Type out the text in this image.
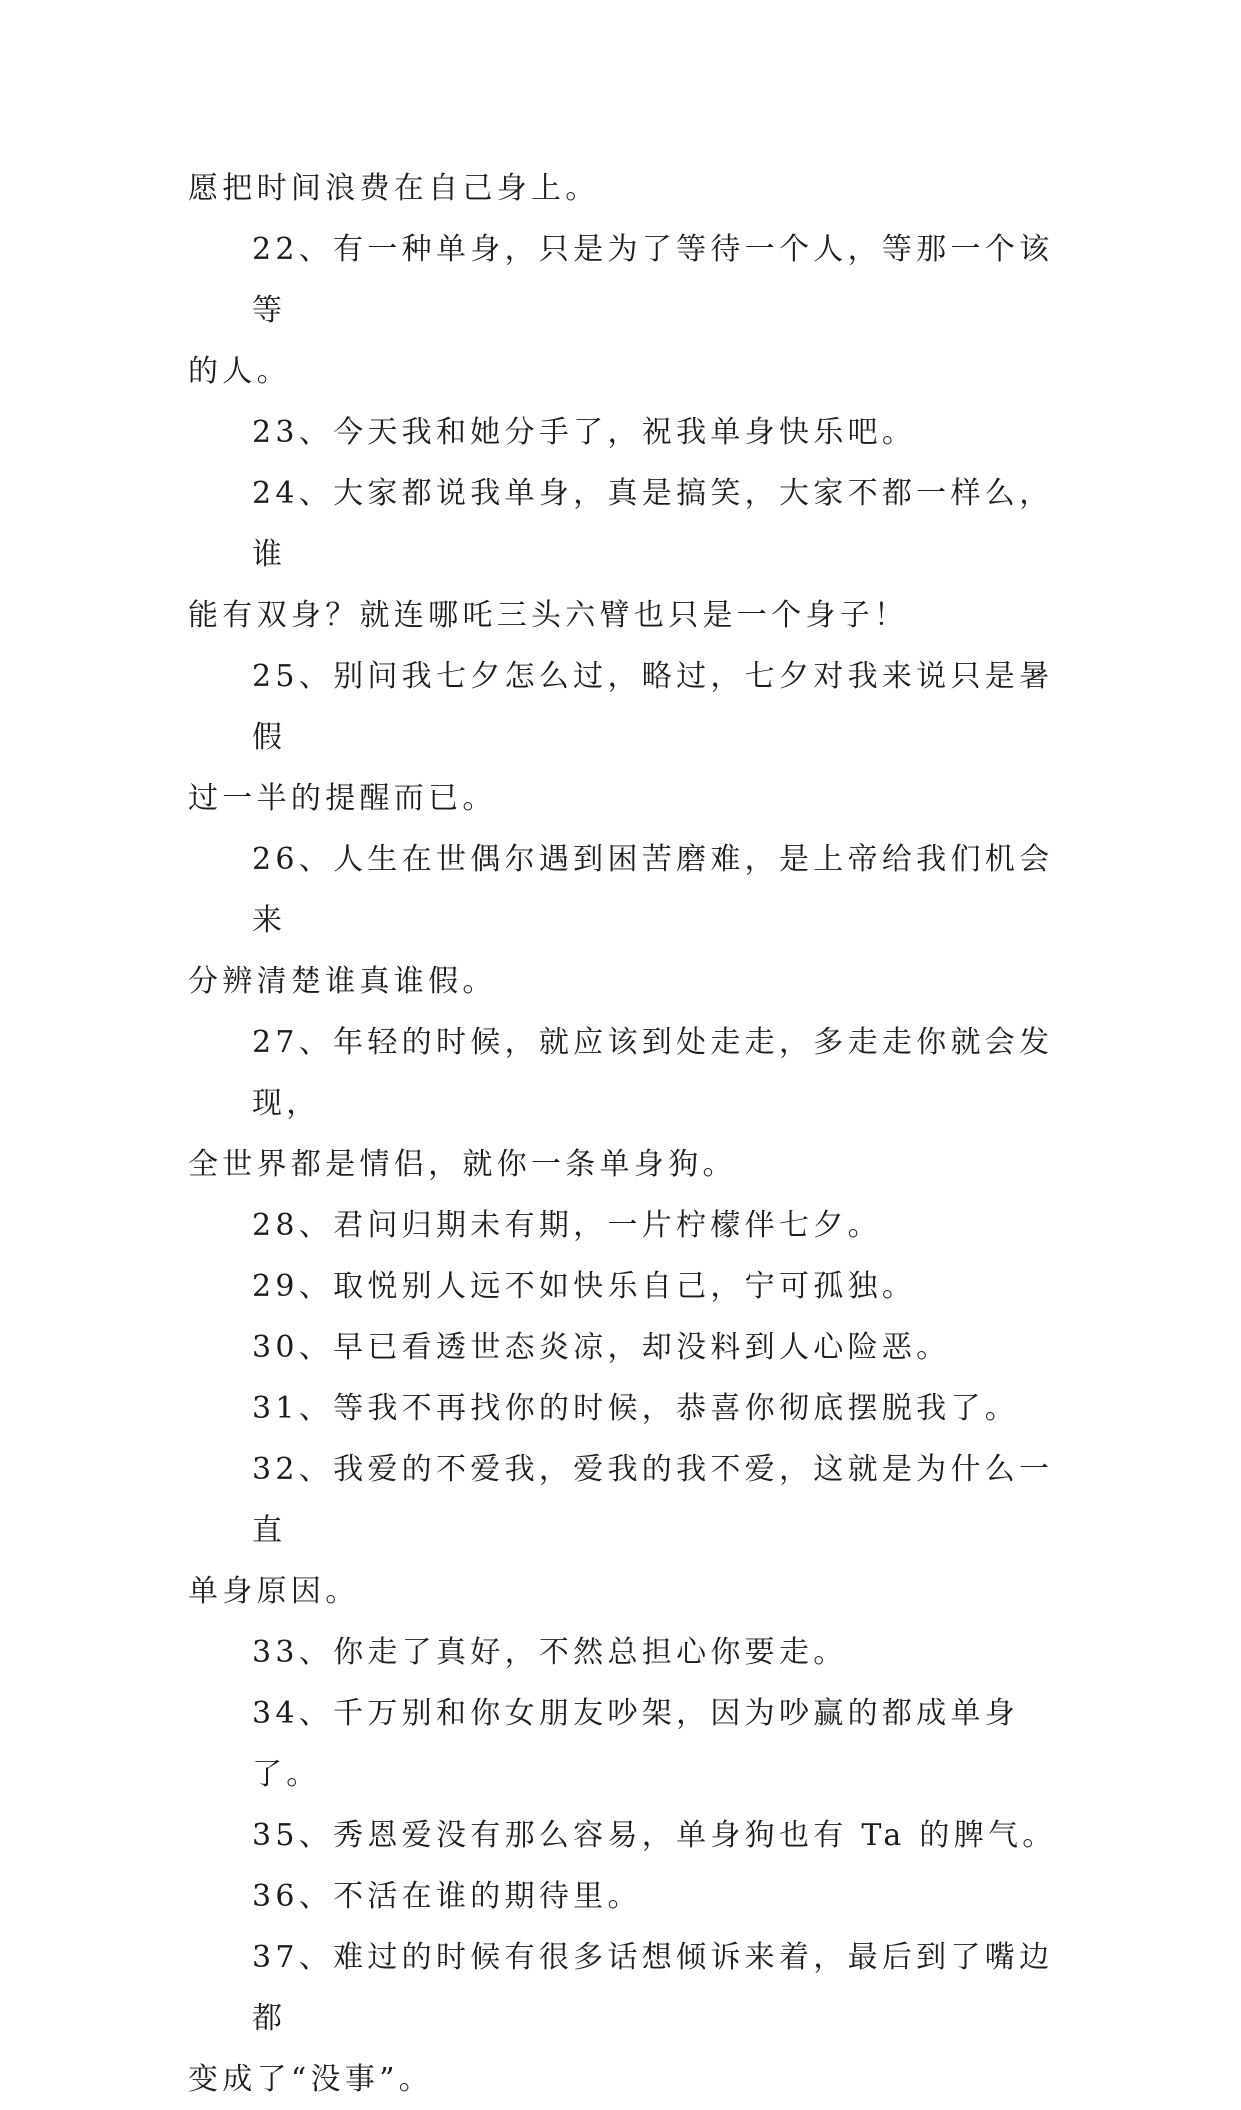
愿把时间浪费在自己身上。

22、有一种单身，只是为了等待一个人，等那一个该等

的人。

23、今天我和她分手了，祝我单身快乐吧。

24、大家都说我单身，真是搞笑，大家不都一样么，谁

能有双身？就连哪吒三头六臂也只是一个身子！

25、别问我七夕怎么过，略过，七夕对我来说只是暑假

过一半的提醒而已。

26、人生在世偶尔遇到困苦磨难，是上帝给我们机会来

分辨清楚谁真谁假。

27、年轻的时候，就应该到处走走，多走走你就会发现，

全世界都是情侣，就你一条单身狗。

28、君问归期未有期，一片柠檬伴七夕。

29、取悦别人远不如快乐自己，宁可孤独。

30、早已看透世态炎凉，却没料到人心险恶。

31、等我不再找你的时候，恭喜你彻底摆脱我了。

32、我爱的不爱我，爱我的我不爱，这就是为什么一直

单身原因。

33、你走了真好，不然总担心你要走。

34、千万别和你女朋友吵架，因为吵赢的都成单身了。

35、秀恩爱没有那么容易，单身狗也有 Ta 的脾气。

36、不活在谁的期待里。

37、难过的时候有很多话想倾诉来着，最后到了嘴边都

变成了“没事”。
